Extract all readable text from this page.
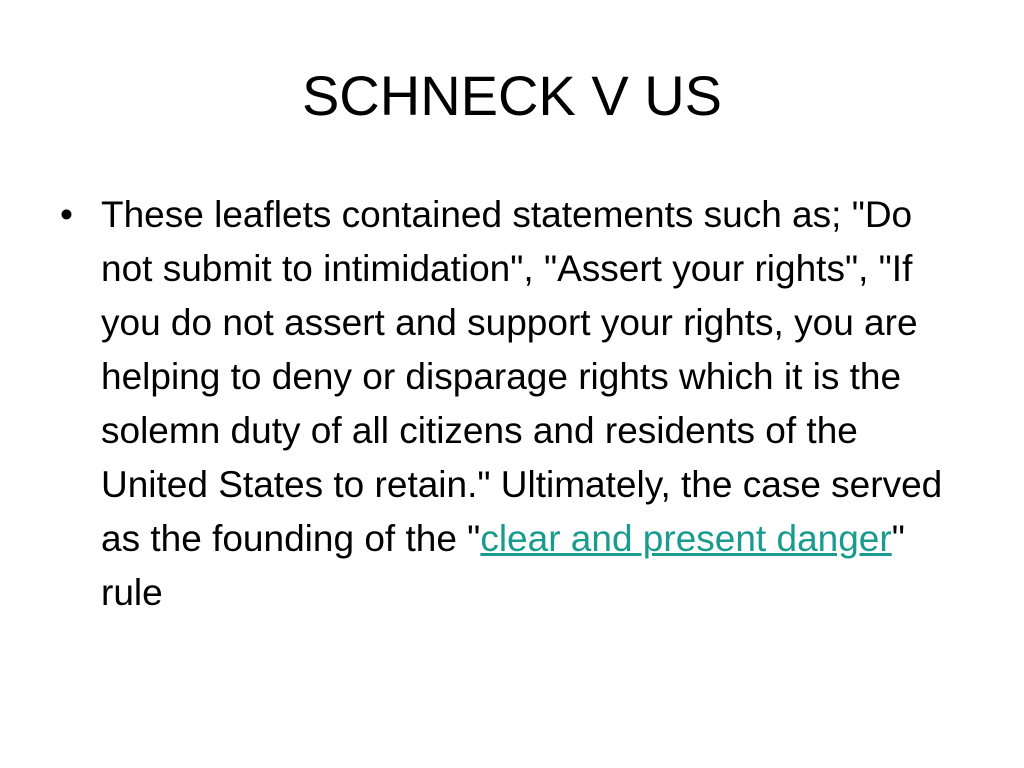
SCHNECK V US
• These leaflets contained statements such as; "Do not submit to intimidation", "Assert your rights", "If you do not assert and support your rights, you are helping to deny or disparage rights which it is the solemn duty of all citizens and residents of the United States to retain." Ultimately, the case served as the founding of the "clear and present danger" rule
